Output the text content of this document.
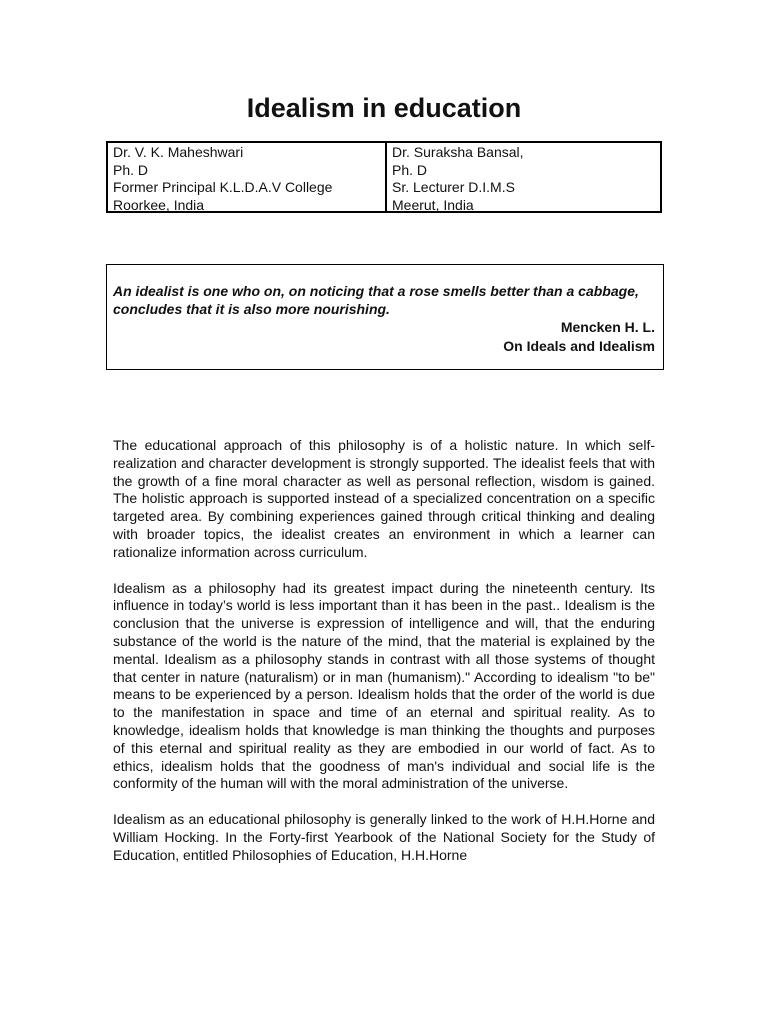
Idealism in education
Dr. V. K. Maheshwari
Ph. D
Former Principal K.L.D.A.V College
Roorkee, India
Dr. Suraksha Bansal,
Ph. D
Sr. Lecturer D.I.M.S
Meerut, India
An idealist is one who on, on noticing that a rose smells better than a cabbage, concludes that it is also more nourishing.
Mencken H. L.
On Ideals and Idealism

The educational approach of this philosophy is of a holistic nature. In which self-realization and character development is strongly supported. The idealist feels that with the growth of a fine moral character as well as personal reflection, wisdom is gained. The holistic approach is supported instead of a specialized concentration on a specific targeted area. By combining experiences gained through critical thinking and dealing with broader topics, the idealist creates an environment in which a learner can rationalize information across curriculum.

Idealism as a philosophy had its greatest impact during the nineteenth century. Its influence in today’s world is less important than it has been in the past.. Idealism is the conclusion that the universe is expression of intelligence and will, that the enduring substance of the world is the nature of the mind, that the material is explained by the mental. Idealism as a philosophy stands in contrast with all those systems of thought that center in nature (naturalism) or in man (humanism)." According to idealism "to be" means to be experienced by a person. Idealism holds that the order of the world is due to the manifestation in space and time of an eternal and spiritual reality. As to knowledge, idealism holds that knowledge is man thinking the thoughts and purposes of this eternal and spiritual reality as they are embodied in our world of fact. As to ethics, idealism holds that the goodness of man's individual and social life is the conformity of the human will with the moral administration of the universe.

Idealism as an educational philosophy is generally linked to the work of H.H.Horne and William Hocking. In the Forty-first Yearbook of the National Society for the Study of Education, entitled Philosophies of Education, H.H.Horne
